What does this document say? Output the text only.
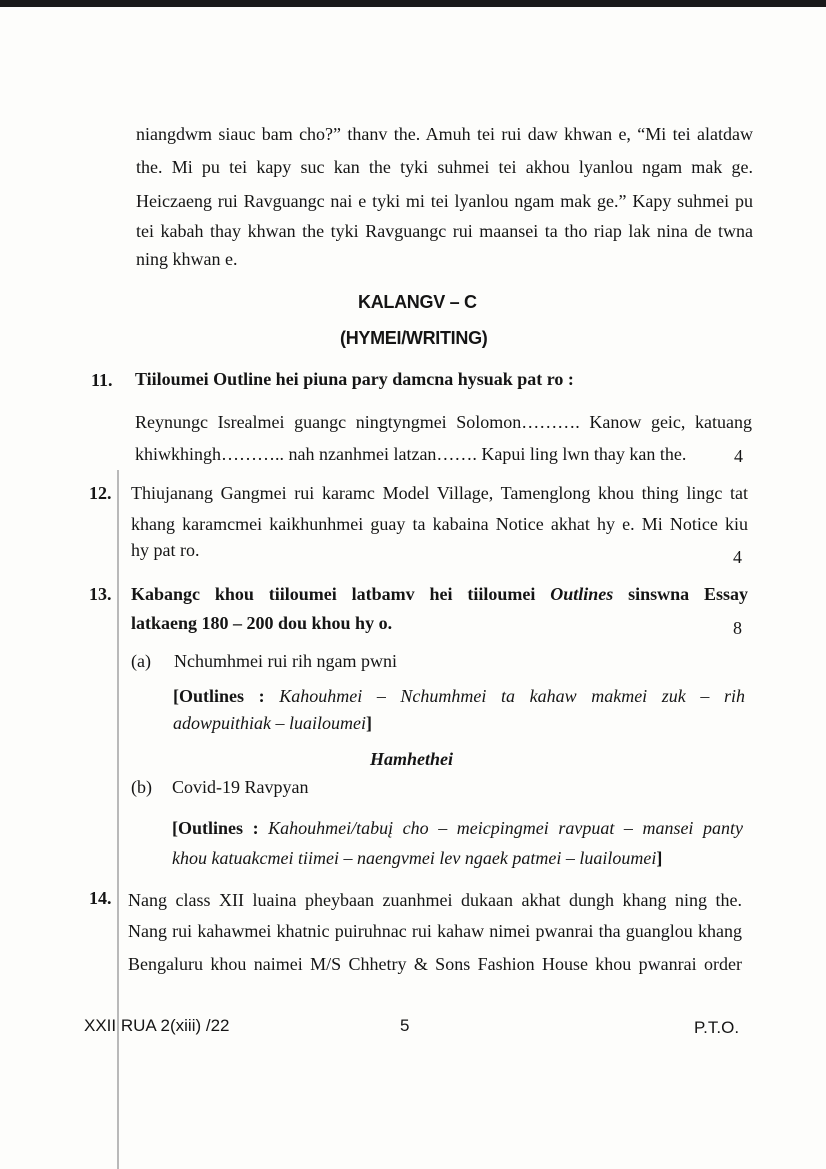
niangdwm siauc bam cho?” thanv the. Amuh tei rui daw khwan e, “Mi tei alatdaw
the. Mi pu tei kapy suc kan the tyki suhmei tei akhou lyanlou ngam mak ge.
Heiczaeng rui Ravguangc nai e tyki mi tei lyanlou ngam mak ge.” Kapy suhmei pu
tei kabah thay khwan the tyki Ravguangc rui maansei ta tho riap lak nina de twna
ning khwan e.
KALANGV – C
(HYMEI/WRITING)
11. Tiiloumei Outline hei piuna pary damcna hysuak pat ro :
Reynungc Isrealmei guangc ningtyngmei Solomon………. Kanow geic, katuang
khiwkhingh……….. nah nzanhmei latzan……. Kapui ling lwn thay kan the.	4
12. Thiujanang Gangmei rui karamc Model Village, Tamenglong khou thing lingc tat
khang karamcmei kaikhunhmei guay ta kabaina Notice akhat hy e. Mi Notice kiu
hy pat ro.	4
13. Kabangc khou tiiloumei latbamv hei tiiloumei Outlines sinswna Essay
latkaeng 180 – 200 dou khou hy o.	8
(a) Nchumhmei rui rih ngam pwni
[Outlines : Kahouhmei – Nchumhmei ta kahaw makmei zuk – rih
adowpuithiak – luailoumei]
Hamhethei
(b) Covid-19 Ravpyan
[Outlines : Kahouhmei/tabuį cho – meicpingmei ravpuat – mansei panty
khou katuakcmei tiimei – naengvmei lev ngaek patmei – luailoumei]
14. Nang class XII luaina pheybaan zuanhmei dukaan akhat dungh khang ning the.
Nang rui kahawmei khatnic puiruhnac rui kahaw nimei pwanrai tha guanglou khang
Bengaluru khou naimei M/S Chhetry & Sons Fashion House khou pwanrai order
XXII RUA 2(xiii) /22	5	P.T.O.
